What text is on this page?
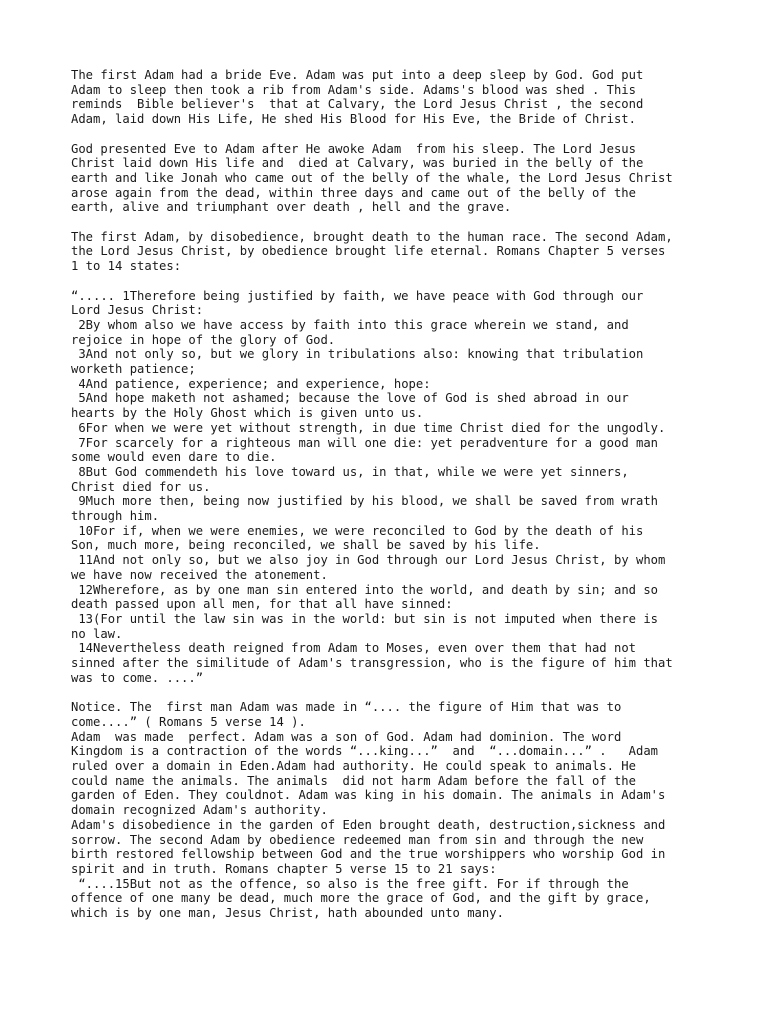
The first Adam had a bride Eve. Adam was put into a deep sleep by God. God put
Adam to sleep then took a rib from Adam's side. Adams's blood was shed . This
reminds  Bible believer's  that at Calvary, the Lord Jesus Christ , the second
Adam, laid down His Life, He shed His Blood for His Eve, the Bride of Christ.

God presented Eve to Adam after He awoke Adam  from his sleep. The Lord Jesus
Christ laid down His life and  died at Calvary, was buried in the belly of the
earth and like Jonah who came out of the belly of the whale, the Lord Jesus Christ
arose again from the dead, within three days and came out of the belly of the
earth, alive and triumphant over death , hell and the grave.

The first Adam, by disobedience, brought death to the human race. The second Adam,
the Lord Jesus Christ, by obedience brought life eternal. Romans Chapter 5 verses
1 to 14 states:

“..... 1Therefore being justified by faith, we have peace with God through our
Lord Jesus Christ:
2By whom also we have access by faith into this grace wherein we stand, and
rejoice in hope of the glory of God.
3And not only so, but we glory in tribulations also: knowing that tribulation
worketh patience;
4And patience, experience; and experience, hope:
5And hope maketh not ashamed; because the love of God is shed abroad in our
hearts by the Holy Ghost which is given unto us.
6For when we were yet without strength, in due time Christ died for the ungodly.
7For scarcely for a righteous man will one die: yet peradventure for a good man
some would even dare to die.
8But God commendeth his love toward us, in that, while we were yet sinners,
Christ died for us.
9Much more then, being now justified by his blood, we shall be saved from wrath
through him.
10For if, when we were enemies, we were reconciled to God by the death of his
Son, much more, being reconciled, we shall be saved by his life.
11And not only so, but we also joy in God through our Lord Jesus Christ, by whom
we have now received the atonement.
12Wherefore, as by one man sin entered into the world, and death by sin; and so
death passed upon all men, for that all have sinned:
13(For until the law sin was in the world: but sin is not imputed when there is
no law.
14Nevertheless death reigned from Adam to Moses, even over them that had not
sinned after the similitude of Adam's transgression, who is the figure of him that
was to come. ....”

Notice. The  first man Adam was made in “.... the figure of Him that was to
come....” ( Romans 5 verse 14 ).
Adam  was made  perfect. Adam was a son of God. Adam had dominion. The word
Kingdom is a contraction of the words “...king...”  and  “...domain...” .   Adam
ruled over a domain in Eden.Adam had authority. He could speak to animals. He
could name the animals. The animals  did not harm Adam before the fall of the
garden of Eden. They couldnot. Adam was king in his domain. The animals in Adam's
domain recognized Adam's authority.
Adam's disobedience in the garden of Eden brought death, destruction,sickness and
sorrow. The second Adam by obedience redeemed man from sin and through the new
birth restored fellowship between God and the true worshippers who worship God in
spirit and in truth. Romans chapter 5 verse 15 to 21 says:
“....15But not as the offence, so also is the free gift. For if through the
offence of one many be dead, much more the grace of God, and the gift by grace,
which is by one man, Jesus Christ, hath abounded unto many.
